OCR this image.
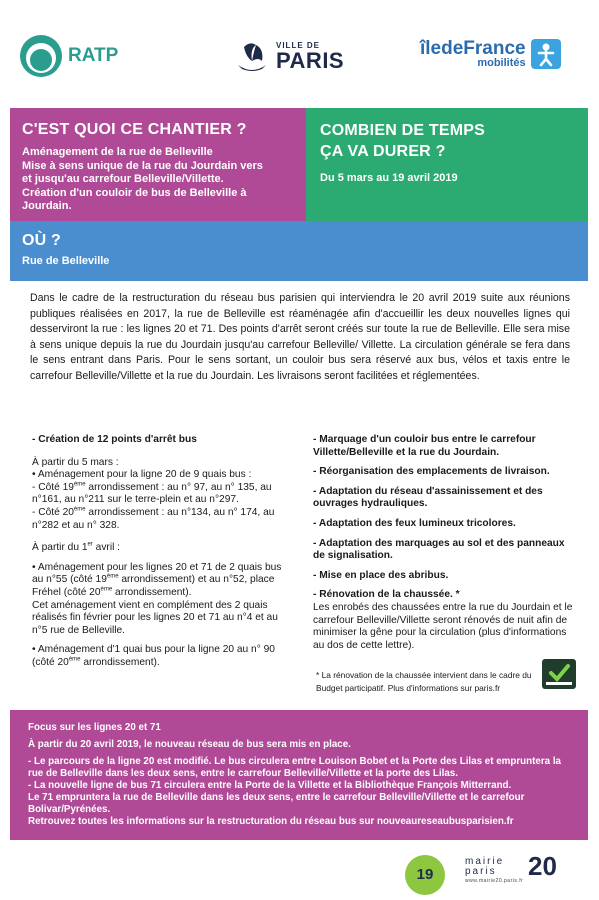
RATP	VILLE DE
PARIS	îledeFrance
mobilités
C'EST QUOI CE CHANTIER ?
Aménagement de la rue de Belleville
Mise à sens unique de la rue du Jourdain vers
et jusqu'au carrefour Belleville/Villette.
Création d'un couloir de bus de Belleville à Jourdain.
COMBIEN DE TEMPS
ÇA VA DURER ?
Du 5 mars au 19 avril 2019
OÙ ?
Rue de Belleville
Dans le cadre de la restructuration du réseau bus parisien qui interviendra le 20 avril 2019 suite aux réunions publiques réalisées en 2017, la rue de Belleville est réaménagée afin d'accueillir les deux nouvelles lignes qui desserviront la rue : les lignes 20 et 71. Des points d'arrêt seront créés sur toute la rue de Belleville. Elle sera mise à sens unique depuis la rue du Jourdain jusqu'au carrefour Belleville/ Villette. La circulation générale se fera dans le sens entrant dans Paris. Pour le sens sortant, un couloir bus sera réservé aux bus, vélos et taxis entre le carrefour Belleville/Villette et la rue du Jourdain. Les livraisons seront facilitées et réglementées.
- Création de 12 points d'arrêt bus
À partir du 5 mars :
• Aménagement pour la ligne 20 de 9 quais bus :
- Côté 19ème arrondissement : au n° 97, au n° 135, au n°161, au n°211 sur le terre-plein et au n°297.
- Côté 20ème arrondissement : au n°134, au n° 174, au n°282 et au n° 328.
À partir du 1er avril :
• Aménagement pour les lignes 20 et 71 de 2 quais bus au n°55 (côté 19ème arrondissement) et au n°52, place Fréhel (côté 20ème arrondissement).
Cet aménagement vient en complément des 2 quais réalisés fin février pour les lignes 20 et 71 au n°4 et au n°5 rue de Belleville.
• Aménagement d'1 quai bus pour la ligne 20 au n° 90 (côté 20ème arrondissement).
- Marquage d'un couloir bus entre le carrefour Villette/Belleville et la rue du Jourdain.
- Réorganisation des emplacements de livraison.
- Adaptation du réseau d'assainissement et des ouvrages hydrauliques.
- Adaptation des feux lumineux tricolores.
- Adaptation des marquages au sol et des panneaux de signalisation.
- Mise en place des abribus.
- Rénovation de la chaussée. *
Les enrobés des chaussées entre la rue du Jourdain et le carrefour Belleville/Villette seront rénovés de nuit afin de minimiser la gêne pour la circulation (plus d'informations au dos de cette lettre).
* La rénovation de la chaussée intervient dans le cadre du Budget participatif. Plus d'informations sur paris.fr
Focus sur les lignes 20 et 71
À partir du 20 avril 2019, le nouveau réseau de bus sera mis en place.
- Le parcours de la ligne 20 est modifié. Le bus circulera entre Louison Bobet et la Porte des Lilas et empruntera la rue de Belleville dans les deux sens, entre le carrefour Belleville/Villette et la porte des Lilas.
- La nouvelle ligne de bus 71 circulera entre la Porte de la Villette et la Bibliothèque François Mitterrand.
Le 71 empruntera la rue de Belleville dans les deux sens, entre le carrefour Belleville/Villette et le carrefour Bolivar/Pyrénées.
Retrouvez toutes les informations sur la restructuration du réseau bus sur nouveaureseaubusparisien.fr
19
mairie
paris
www.mairie20.paris.fr 20
